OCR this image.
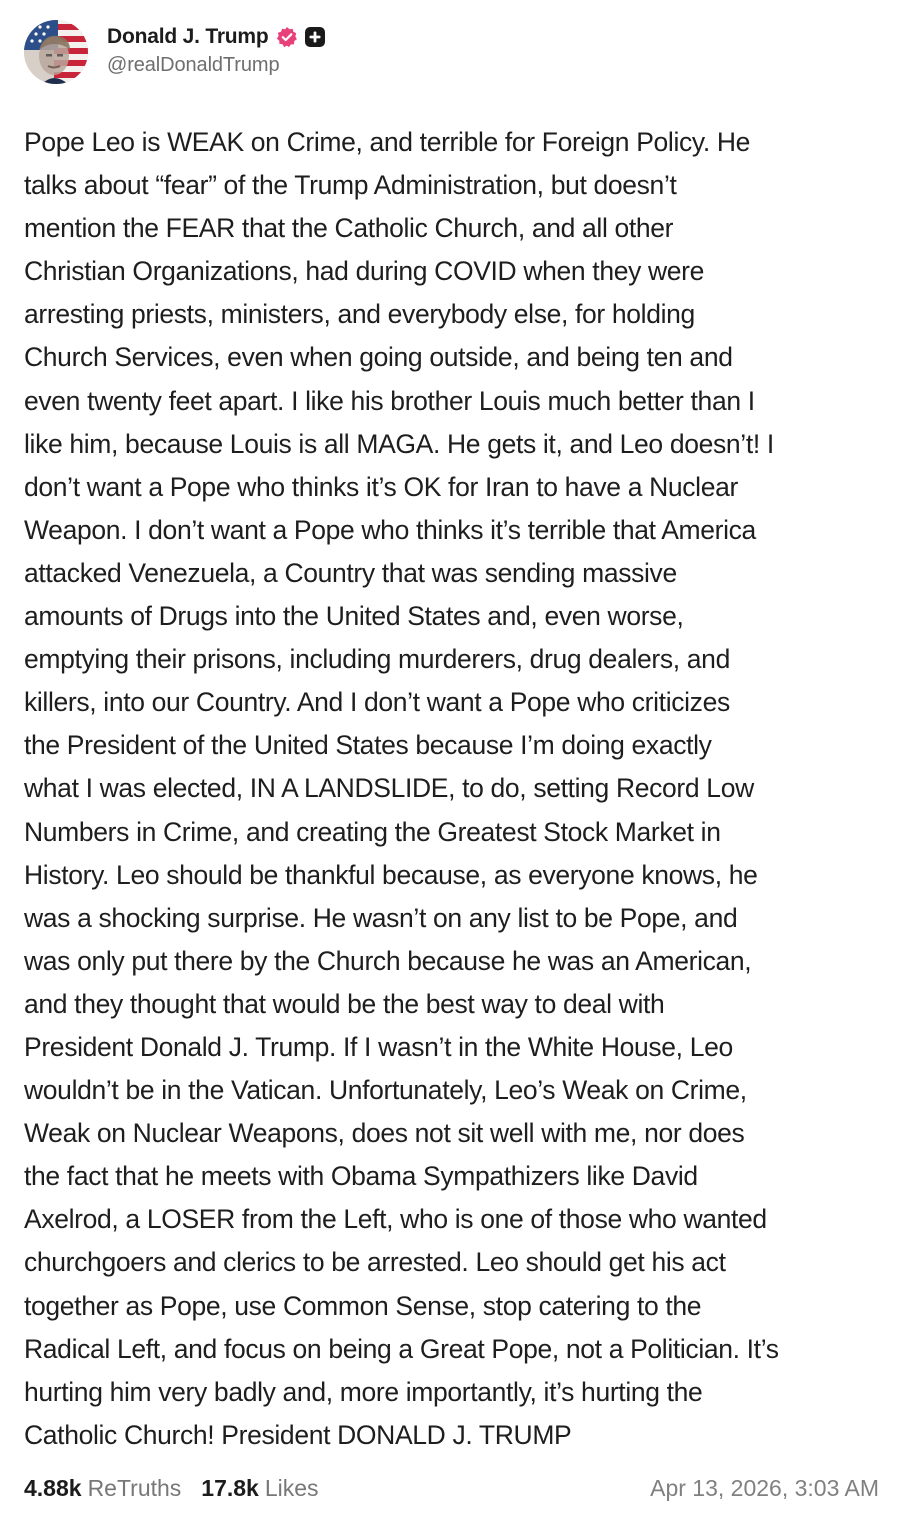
Donald J. Trump
@realDonaldTrump
Pope Leo is WEAK on Crime, and terrible for Foreign Policy. He
talks about “fear” of the Trump Administration, but doesn’t
mention the FEAR that the Catholic Church, and all other
Christian Organizations, had during COVID when they were
arresting priests, ministers, and everybody else, for holding
Church Services, even when going outside, and being ten and
even twenty feet apart. I like his brother Louis much better than I
like him, because Louis is all MAGA. He gets it, and Leo doesn’t! I
don’t want a Pope who thinks it’s OK for Iran to have a Nuclear
Weapon. I don’t want a Pope who thinks it’s terrible that America
attacked Venezuela, a Country that was sending massive
amounts of Drugs into the United States and, even worse,
emptying their prisons, including murderers, drug dealers, and
killers, into our Country. And I don’t want a Pope who criticizes
the President of the United States because I’m doing exactly
what I was elected, IN A LANDSLIDE, to do, setting Record Low
Numbers in Crime, and creating the Greatest Stock Market in
History. Leo should be thankful because, as everyone knows, he
was a shocking surprise. He wasn’t on any list to be Pope, and
was only put there by the Church because he was an American,
and they thought that would be the best way to deal with
President Donald J. Trump. If I wasn’t in the White House, Leo
wouldn’t be in the Vatican. Unfortunately, Leo’s Weak on Crime,
Weak on Nuclear Weapons, does not sit well with me, nor does
the fact that he meets with Obama Sympathizers like David
Axelrod, a LOSER from the Left, who is one of those who wanted
churchgoers and clerics to be arrested. Leo should get his act
together as Pope, use Common Sense, stop catering to the
Radical Left, and focus on being a Great Pope, not a Politician. It’s
hurting him very badly and, more importantly, it’s hurting the
Catholic Church! President DONALD J. TRUMP
4.88k ReTruths 17.8k Likes	Apr 13, 2026, 3:03 AM
